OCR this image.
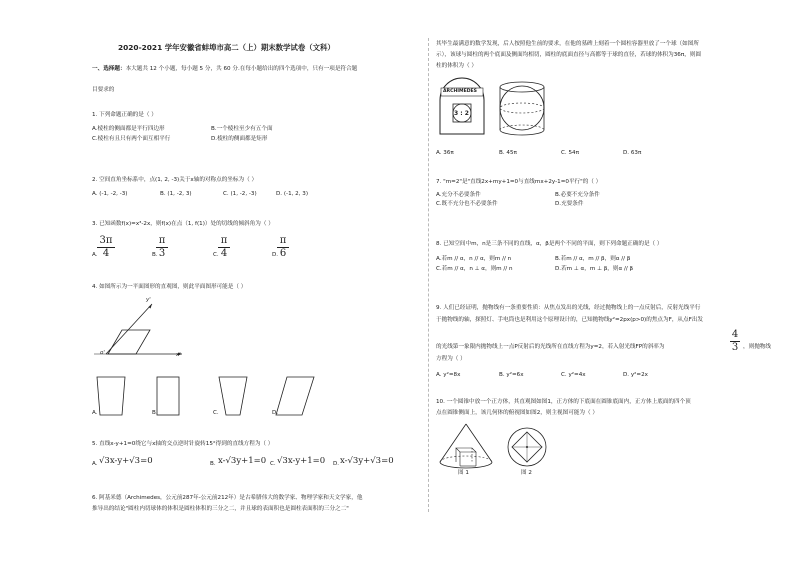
2020-2021 学年安徽省蚌埠市高二（上）期末数学试卷（文科）
一、选择题：本大题共 12 个小题，每小题 5 分，共 60 分.在每小题给出的四个选项中，只有一项是符合题
目要求的
1. 下列命题正确的是（ ）
A.棱柱的侧面都是平行四边形	B.一个棱柱至少有五个面
C.棱柱有且只有两个面互相平行	D.棱柱的侧面都是矩形
2. 空间直角坐标系中，点(1, 2, -3)关于x轴的对称点的坐标为（ ）
A. (-1, -2, -3)	B. (1, -2, 3)	C. (1, -2, -3)	D. (-1, 2, 3)
3. 已知函数f(x)=x³-2x，则f(x)在点（1, f(1)）处的切线的倾斜角为（ ）
A.
3π
4	B.
π
3	C.
π
4	D.
π
6
4. 如图所示为一平面图形的直观图，则此平面图形可能是（ ）
y'
x'
o'
A.	B.	C.	D.
5. 直线x-y+1=0绕它与x轴的交点逆时针旋转15°得到的直线方程为（ ）
A. √3x-y+√3=0	B. x-√3y+1=0 C. √3x-y+1=0 D. x-√3y+√3=0
6. 阿基米德（Archimedes，公元前287年-公元前212年）是古希腊伟大的数学家、物理学家和天文学家，他
推导出的结论"圆柱内切球体的体积是圆柱体积的三分之二，并且球的表面积也是圆柱表面积的三分之二"
其毕生最满意的数学发现，后人按照他生前的要求，在他的墓碑上刻着一个圆柱容器里放了一个球（如图所
示），该球与圆柱的两个底面及侧面均相切，圆柱的底面直径与高都等于球的直径，若球的体积为36π，则圆
柱的体积为（ ）
ARCHIMEDES
3 : 2
A. 36π	B. 45π	C. 54π	D. 63π
7. "m=2"是"直线2x+my+1=0与直线mx+2y-1=0平行"的（ ）
A.充分不必要条件	B.必要不充分条件
C.既不充分也不必要条件	D.充要条件
8. 已知空间中m，n是三条不同的直线，α，β是两个不同的平面，则下列命题正确的是（ ）
A.若m // α，n // α，则m // n	B.若m // α，m // β，则α // β
C.若m // α，n ⊥ α，则m // n	D.若m ⊥ α，m ⊥ β，则α // β
9. 人们已经证明，抛物线有一条重要性质：从焦点发出的光线，经过抛物线上的一点反射后，反射光线平行
于抛物线的轴，探照灯、手电筒也是利用这个原理设计的，已知抛物线y²=2px(p>0)的焦点为F，从点F出发
的光线第一象限内抛物线上一点P反射后的光线所在直线方程为y=2，若入射光线FP的斜率为
4
3 ，则抛物线
方程为（ ）
A. y²=8x	B. y²=6x	C. y²=4x	D. y²=2x
10. 一个圆锥中放一个正方体，其直观图如图1，正方体的下底面在圆锥底面内，正方体上底面的四个顶
点在圆锥侧面上，该几何体的俯视图如图2，则主视图可能为（ ）
图 1	图 2
